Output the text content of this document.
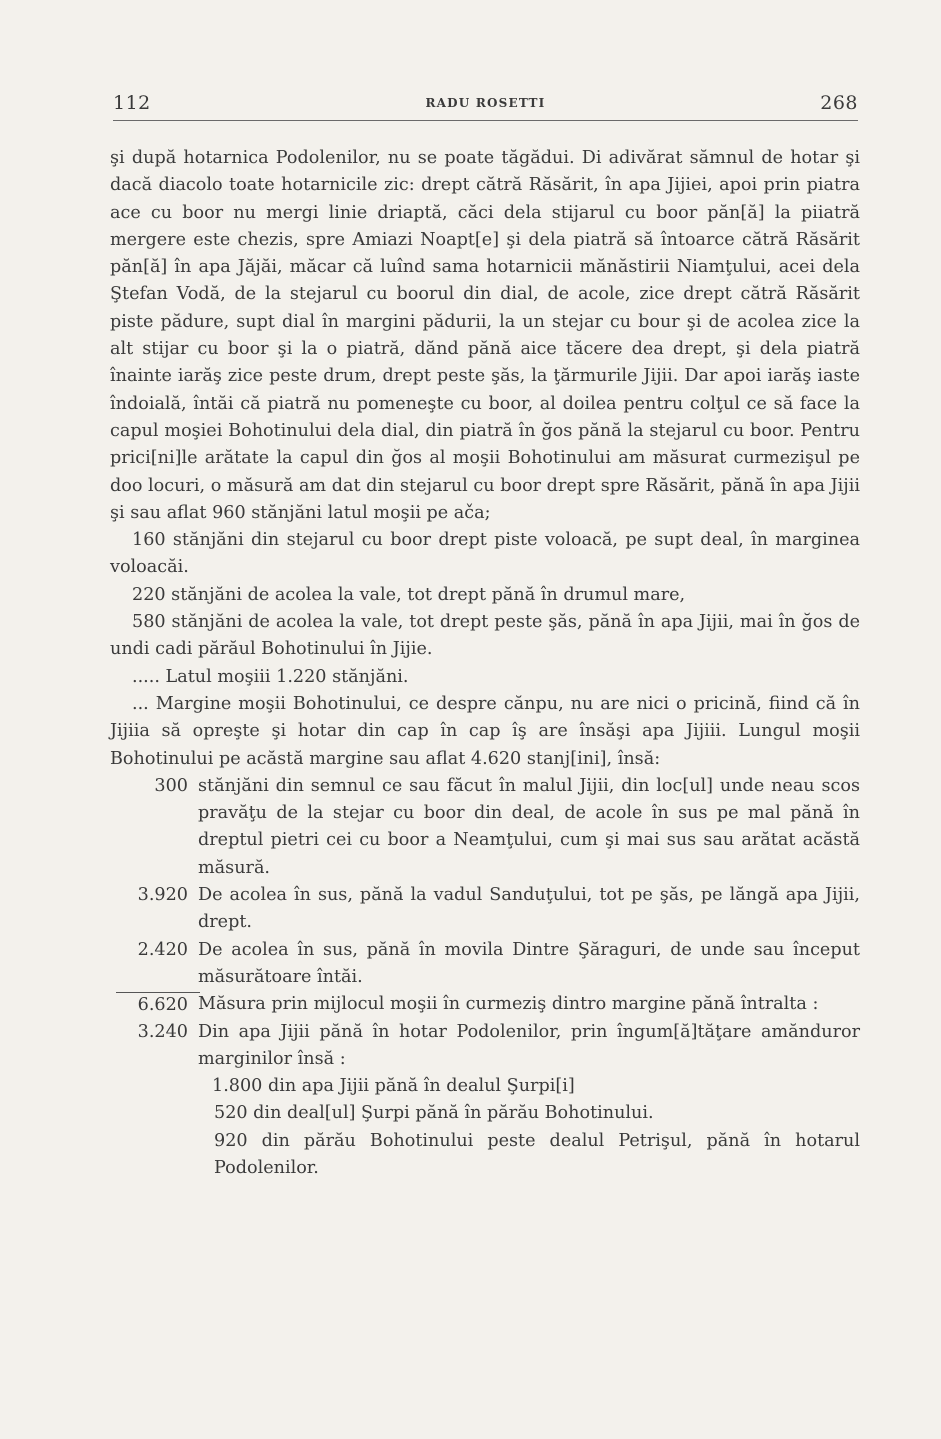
112	RADU ROSETTI	268

şi după hotarnica Podolenilor, nu se poate tăgădui. Di adivărat sămnul de hotar şi dacă diacolo toate hotarnicile zic: drept cătră Răsărit, în apa Jijiei, apoi prin piatra ace cu boor nu mergi linie driaptă, căci dela stijarul cu boor păn[ă] la piiatră mergere este chezis, spre Amiazi Noapt[e] şi dela piatră să întoarce cătră Răsărit păn[ă] în apa Jăjăi, măcar că luînd sama hotarnicii mănăstirii Niamţului, acei dela Ştefan Vodă, de la stejarul cu boorul din dial, de acole, zice drept cătră Răsărit piste pădure, supt dial în margini pădurii, la un stejar cu bour şi de acolea zice la alt stijar cu boor şi la o piatră, dănd pănă aice tăcere dea drept, şi dela piatră înainte iarăş zice peste drum, drept peste şăs, la ţărmurile Jijii. Dar apoi iarăş iaste îndoială, întăi că piatră nu pomeneşte cu boor, al doilea pentru colţul ce să face la capul moşiei Bohotinului dela dial, din piatră în ğos pănă la stejarul cu boor. Pentru prici[ni]le arătate la capul din ğos al moşii Bohotinului am măsurat curmezişul pe doo locuri, o măsură am dat din stejarul cu boor drept spre Răsărit, pănă în apa Jijii şi sau aflat 960 stănjăni latul moşii pe ača;

160 stănjăni din stejarul cu boor drept piste voloacă, pe supt deal, în marginea voloacăi.

220 stănjăni de acolea la vale, tot drept pănă în drumul mare,

580 stănjăni de acolea la vale, tot drept peste şăs, pănă în apa Jijii, mai în ğos de undi cadi părăul Bohotinului în Jijie.

..... Latul moşiii 1.220 stănjăni.

... Margine moşii Bohotinului, ce despre cănpu, nu are nici o pricină, fiind că în Jijiia să opreşte şi hotar din cap în cap îş are însăşi apa Jijiii. Lungul moşii Bohotinului pe acăstă margine sau aflat 4.620 stanj[ini], însă:

300 stănjăni din semnul ce sau făcut în malul Jijii, din loc[ul] unde neau scos pravăţu de la stejar cu boor din deal, de acole în sus pe mal pănă în dreptul pietri cei cu boor a Neamţului, cum şi mai sus sau arătat acăstă măsură.
3.920 De acolea în sus, pănă la vadul Sanduţului, tot pe şăs, pe lăngă apa Jijii, drept.
2.420 De acolea în sus, pănă în movila Dintre Şăraguri, de unde sau început măsurătoare întăi.
6.620 Măsura prin mijlocul moşii în curmeziş dintro margine pănă întralta :
3.240 Din apa Jijii pănă în hotar Podolenilor, prin îngum[ă]tăţare amănduror marginilor însă :

1.800 din apa Jijii pănă în dealul Şurpi[i]

520 din deal[ul] Şurpi pănă în părău Bohotinului.

920 din părău Bohotinului peste dealul Petrişul, pănă în hotarul Podolenilor.
